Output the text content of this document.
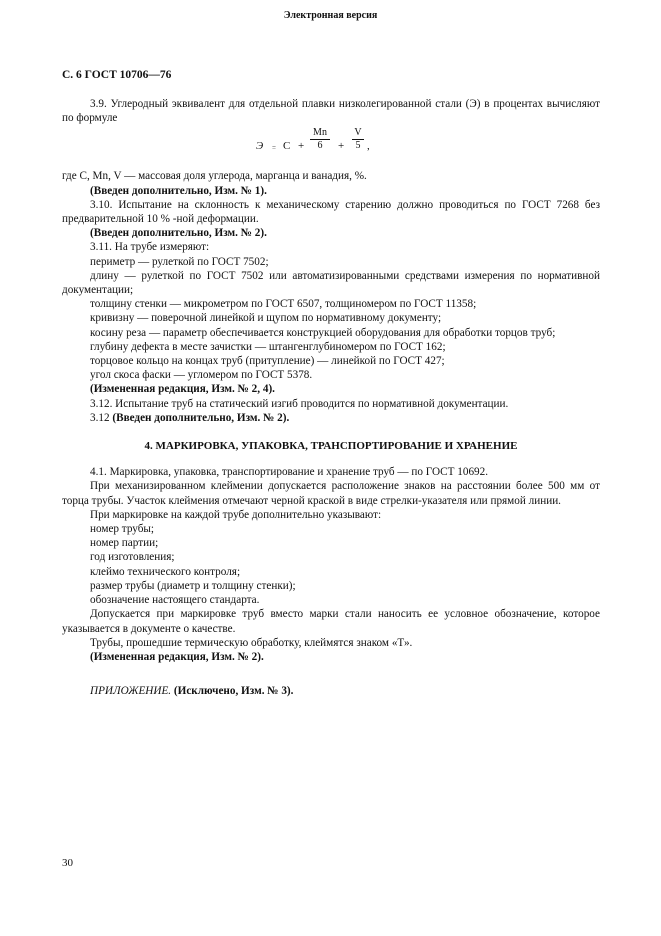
Электронная версия
С. 6 ГОСТ 10706—76

3.9. Углеродный эквивалент для отдельной плавки низколегированной стали (Э) в процентах вычисляют по формуле

$Э = С + \frac{Mn}{6} + \frac{V}{5}$ ,

где С, Mn, V — массовая доля углерода, марганца и ванадия, %.

(Введен дополнительно, Изм. № 1).

3.10. Испытание на склонность к механическому старению должно проводиться по ГОСТ 7268 без предварительной 10 % -ной деформации.

(Введен дополнительно, Изм. № 2).

3.11. На трубе измеряют:

периметр — рулеткой по ГОСТ 7502;

длину — рулеткой по ГОСТ 7502 или автоматизированными средствами измерения по нормативной документации;

толщину стенки — микрометром по ГОСТ 6507, толщиномером по ГОСТ 11358;

кривизну — поверочной линейкой и щупом по нормативному документу;

косину реза — параметр обеспечивается конструкцией оборудования для обработки торцов труб;

глубину дефекта в месте зачистки — штангенглубиномером по ГОСТ 162;

торцовое кольцо на концах труб (притупление) — линейкой по ГОСТ 427;

угол скоса фаски — угломером по ГОСТ 5378.

(Измененная редакция, Изм. № 2, 4).

3.12. Испытание труб на статический изгиб проводится по нормативной документации.

3.12 (Введен дополнительно, Изм. № 2).

4. МАРКИРОВКА, УПАКОВКА, ТРАНСПОРТИРОВАНИЕ И ХРАНЕНИЕ

4.1. Маркировка, упаковка, транспортирование и хранение труб — по ГОСТ 10692.

При механизированном клеймении допускается расположение знаков на расстоянии более 500 мм от торца трубы. Участок клеймения отмечают черной краской в виде стрелки-указателя или прямой линии.

При маркировке на каждой трубе дополнительно указывают:

номер трубы;

номер партии;

год изготовления;

клеймо технического контроля;

размер трубы (диаметр и толщину стенки);

обозначение настоящего стандарта.

Допускается при маркировке труб вместо марки стали наносить ее условное обозначение, которое указывается в документе о качестве.

Трубы, прошедшие термическую обработку, клеймятся знаком «Т».

(Измененная редакция, Изм. № 2).

ПРИЛОЖЕНИЕ. (Исключено, Изм. № 3).

30
